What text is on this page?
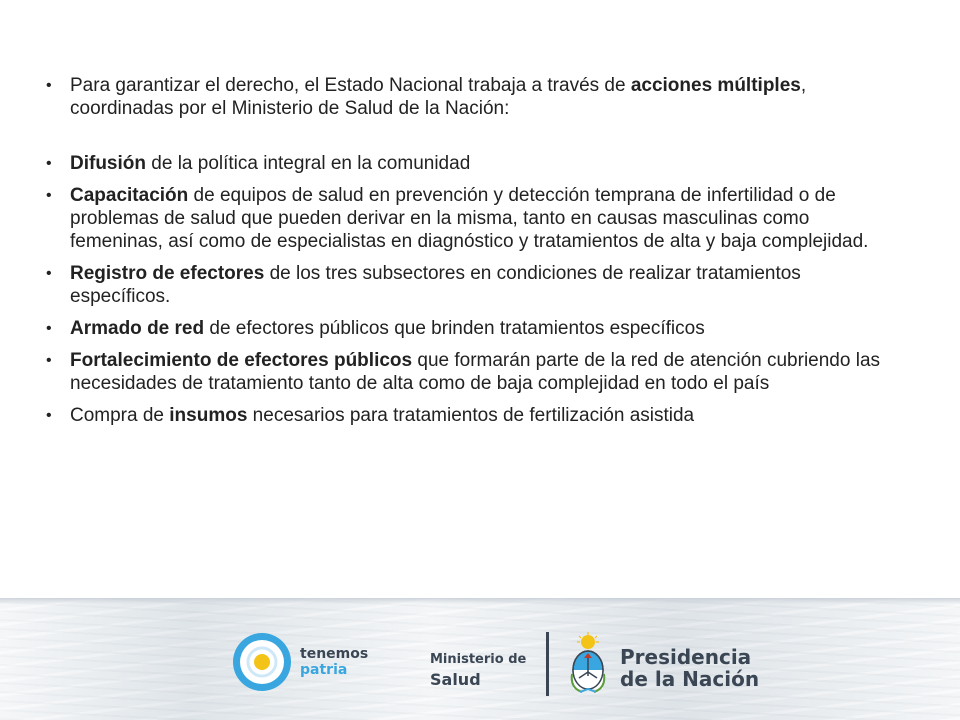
• Para garantizar el derecho, el Estado Nacional trabaja a través de acciones múltiples, coordinadas por el Ministerio de Salud de la Nación:
• Difusión de la política integral en la comunidad
• Capacitación de equipos de salud en prevención y detección temprana de infertilidad o de problemas de salud que pueden derivar en la misma, tanto en causas masculinas como femeninas, así como de especialistas en diagnóstico y tratamientos de alta y baja complejidad.
• Registro de efectores de los tres subsectores en condiciones de realizar tratamientos específicos.
• Armado de red de efectores públicos que brinden tratamientos específicos
• Fortalecimiento de efectores públicos que formarán parte de la red de atención cubriendo las necesidades de tratamiento tanto de alta como de baja complejidad en todo el país
• Compra de insumos necesarios para tratamientos de fertilización asistida
tenemos
patria
Ministerio de
Salud
Presidencia
de la Nación
